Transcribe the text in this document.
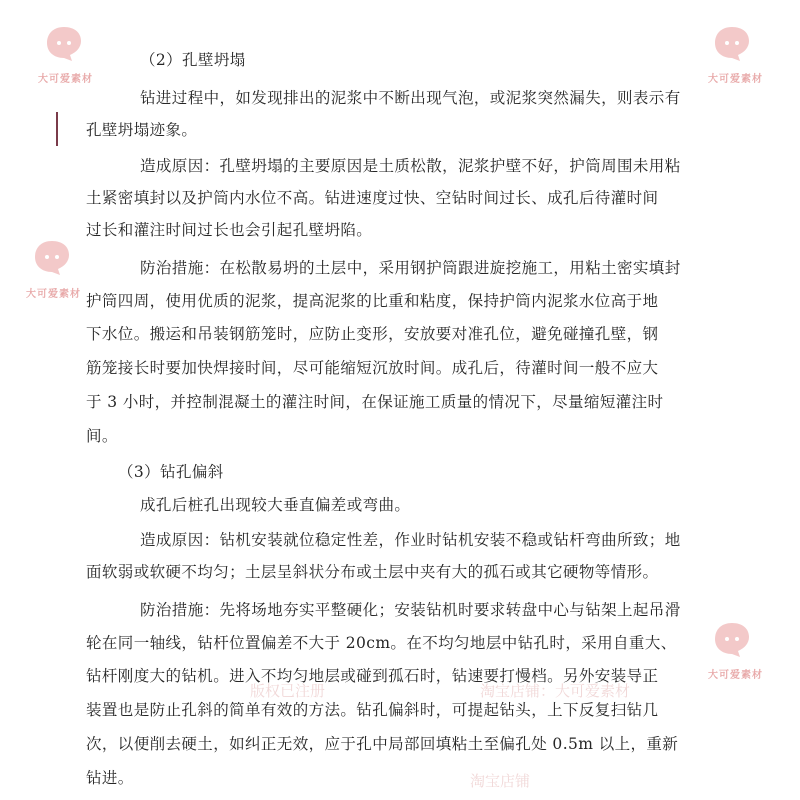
大可爱素材	大可爱素材
大可爱素材
大可爱素材
版权已注册	淘宝店铺：大可爱素材
淘宝店铺
（2）孔壁坍塌
钻进过程中，如发现排出的泥浆中不断出现气泡，或泥浆突然漏失，则表示有
孔壁坍塌迹象。
造成原因：孔壁坍塌的主要原因是土质松散，泥浆护壁不好，护筒周围未用粘
土紧密填封以及护筒内水位不高。钻进速度过快、空钻时间过长、成孔后待灌时间
过长和灌注时间过长也会引起孔壁坍陷。
防治措施：在松散易坍的土层中，采用钢护筒跟进旋挖施工，用粘土密实填封
护筒四周，使用优质的泥浆，提高泥浆的比重和粘度，保持护筒内泥浆水位高于地
下水位。搬运和吊装钢筋笼时，应防止变形，安放要对准孔位，避免碰撞孔壁，钢
筋笼接长时要加快焊接时间，尽可能缩短沉放时间。成孔后，待灌时间一般不应大
于 3 小时，并控制混凝土的灌注时间，在保证施工质量的情况下，尽量缩短灌注时
间。
（3）钻孔偏斜
成孔后桩孔出现较大垂直偏差或弯曲。
造成原因：钻机安装就位稳定性差，作业时钻机安装不稳或钻杆弯曲所致；地
面软弱或软硬不均匀；土层呈斜状分布或土层中夹有大的孤石或其它硬物等情形。
防治措施：先将场地夯实平整硬化；安装钻机时要求转盘中心与钻架上起吊滑
轮在同一轴线，钻杆位置偏差不大于 20cm。在不均匀地层中钻孔时，采用自重大、
钻杆刚度大的钻机。进入不均匀地层或碰到孤石时，钻速要打慢档。另外安装导正
装置也是防止孔斜的简单有效的方法。钻孔偏斜时，可提起钻头，上下反复扫钻几
次，以便削去硬土，如纠正无效，应于孔中局部回填粘土至偏孔处 0.5m 以上，重新
钻进。
